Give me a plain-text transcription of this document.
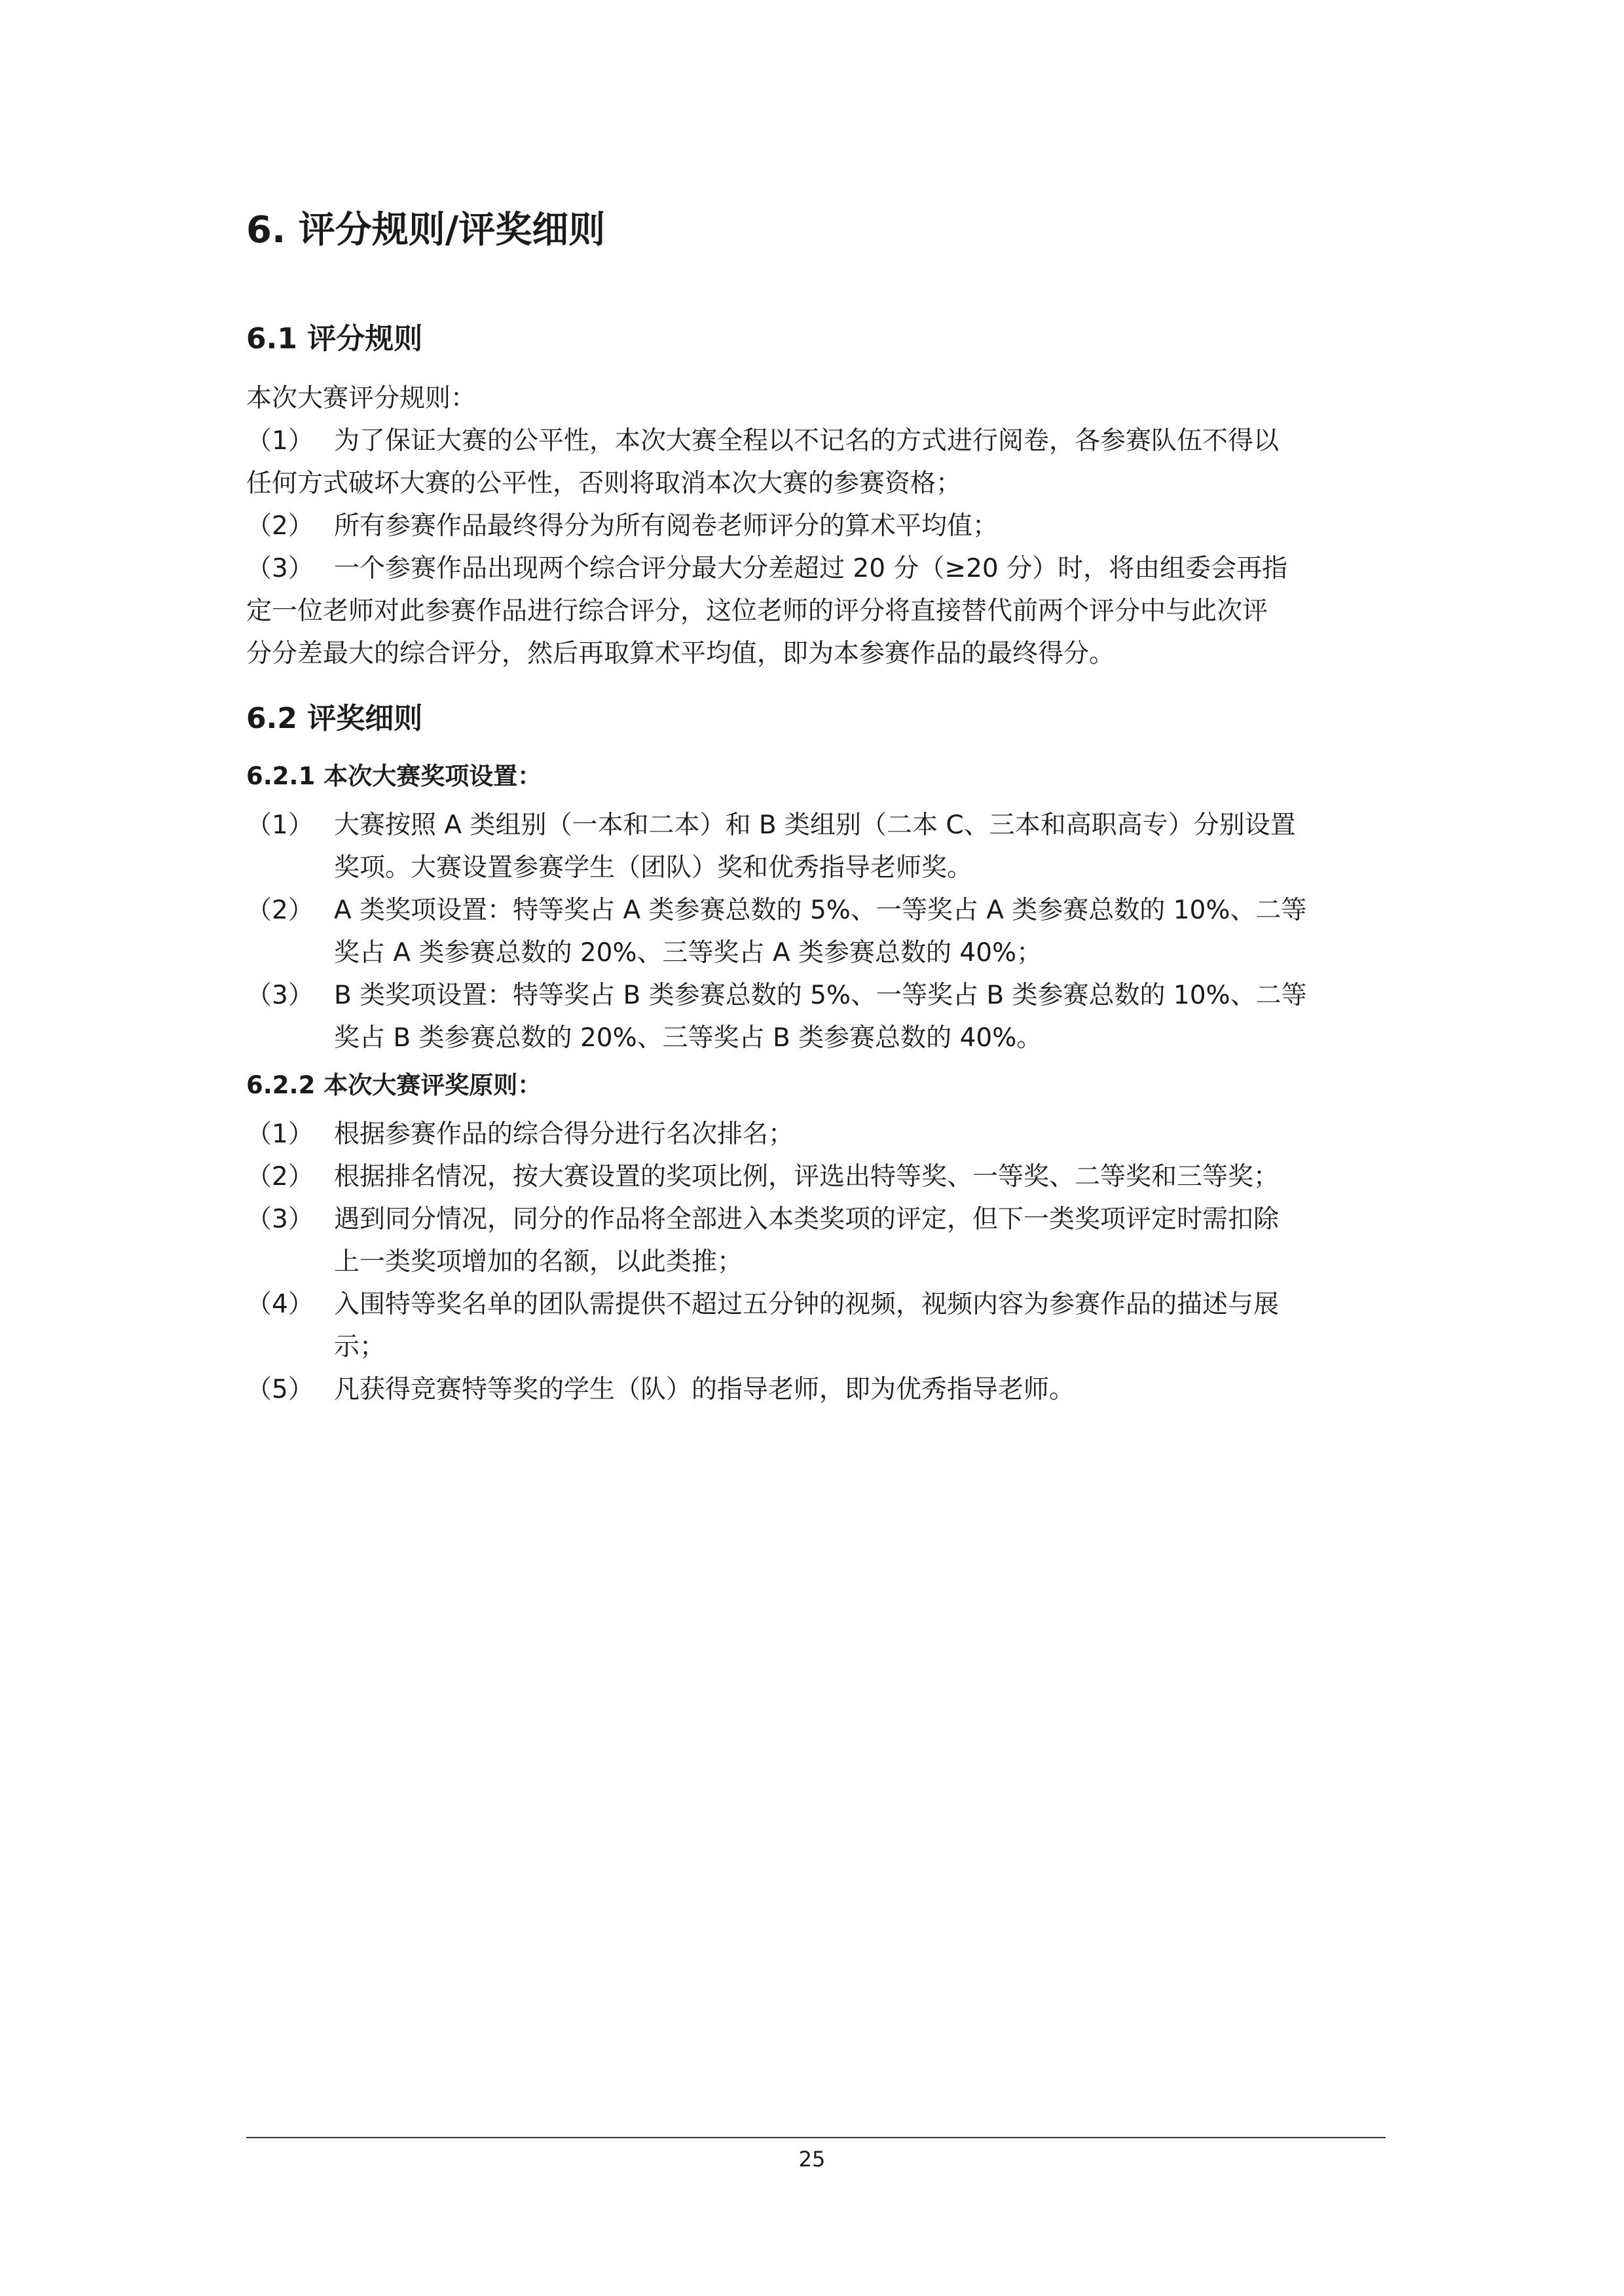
6. 评分规则/评奖细则
6.1 评分规则
本次大赛评分规则：
（1） 为了保证大赛的公平性，本次大赛全程以不记名的方式进行阅卷，各参赛队伍不得以
任何方式破坏大赛的公平性，否则将取消本次大赛的参赛资格；
（2） 所有参赛作品最终得分为所有阅卷老师评分的算术平均值；
（3） 一个参赛作品出现两个综合评分最大分差超过 20 分（≥20 分）时，将由组委会再指
定一位老师对此参赛作品进行综合评分，这位老师的评分将直接替代前两个评分中与此次评
分分差最大的综合评分，然后再取算术平均值，即为本参赛作品的最终得分。
6.2 评奖细则
6.2.1 本次大赛奖项设置：
（1） 大赛按照 A 类组别（一本和二本）和 B 类组别（二本 C、三本和高职高专）分别设置
奖项。大赛设置参赛学生（团队）奖和优秀指导老师奖。
（2） A 类奖项设置：特等奖占 A 类参赛总数的 5%、一等奖占 A 类参赛总数的 10%、二等
奖占 A 类参赛总数的 20%、三等奖占 A 类参赛总数的 40%；
（3） B 类奖项设置：特等奖占 B 类参赛总数的 5%、一等奖占 B 类参赛总数的 10%、二等
奖占 B 类参赛总数的 20%、三等奖占 B 类参赛总数的 40%。
6.2.2 本次大赛评奖原则：
（1） 根据参赛作品的综合得分进行名次排名；
（2） 根据排名情况，按大赛设置的奖项比例，评选出特等奖、一等奖、二等奖和三等奖；
（3） 遇到同分情况，同分的作品将全部进入本类奖项的评定，但下一类奖项评定时需扣除
上一类奖项增加的名额，以此类推；
（4） 入围特等奖名单的团队需提供不超过五分钟的视频，视频内容为参赛作品的描述与展
示；
（5） 凡获得竞赛特等奖的学生（队）的指导老师，即为优秀指导老师。
25
